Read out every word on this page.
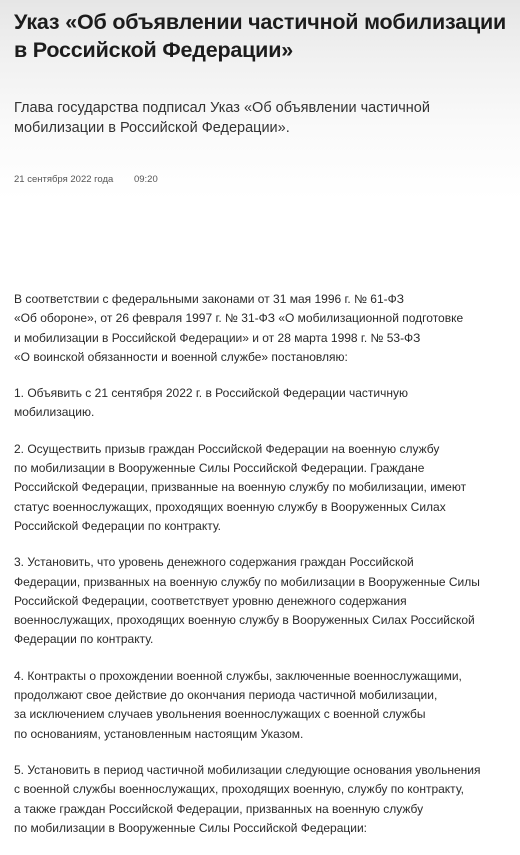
Указ «Об объявлении частичной мобилизации
в Российской Федерации»

Глава государства подписал Указ «Об объявлении частичной
мобилизации в Российской Федерации».

21 сентября 2022 года 09:20

В соответствии с федеральными законами от 31 мая 1996 г. № 61-ФЗ
«Об обороне», от 26 февраля 1997 г. № 31-ФЗ «О мобилизационной подготовке
и мобилизации в Российской Федерации» и от 28 марта 1998 г. № 53-ФЗ
«О воинской обязанности и военной службе» постановляю:

1. Объявить с 21 сентября 2022 г. в Российской Федерации частичную
мобилизацию.

2. Осуществить призыв граждан Российской Федерации на военную службу
по мобилизации в Вооруженные Силы Российской Федерации. Граждане
Российской Федерации, призванные на военную службу по мобилизации, имеют
статус военнослужащих, проходящих военную службу в Вооруженных Силах
Российской Федерации по контракту.

3. Установить, что уровень денежного содержания граждан Российской
Федерации, призванных на военную службу по мобилизации в Вооруженные Силы
Российской Федерации, соответствует уровню денежного содержания
военнослужащих, проходящих военную службу в Вооруженных Силах Российской
Федерации по контракту.

4. Контракты о прохождении военной службы, заключенные военнослужащими,
продолжают свое действие до окончания периода частичной мобилизации,
за исключением случаев увольнения военнослужащих с военной службы
по основаниям, установленным настоящим Указом.

5. Установить в период частичной мобилизации следующие основания увольнения
с военной службы военнослужащих, проходящих военную, службу по контракту,
а также граждан Российской Федерации, призванных на военную службу
по мобилизации в Вооруженные Силы Российской Федерации:
